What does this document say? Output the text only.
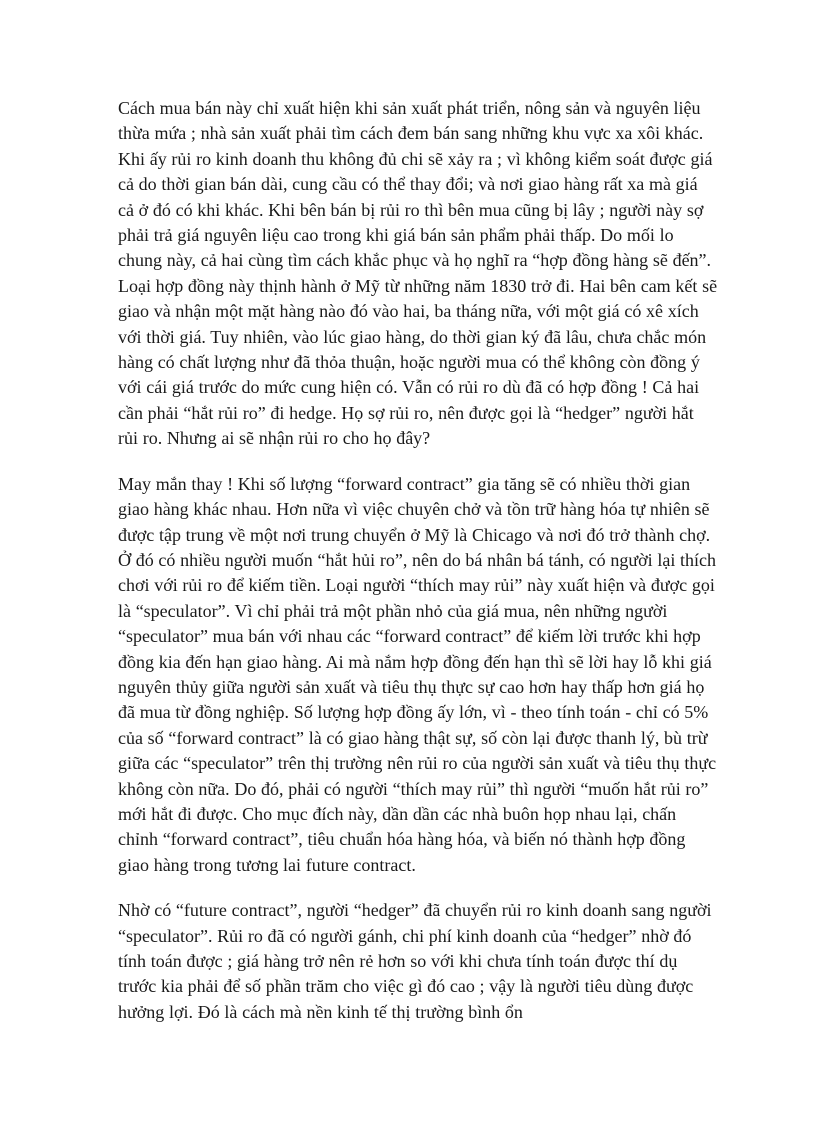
Cách mua bán này chỉ xuất hiện khi sản xuất phát triển, nông sản và nguyên liệu thừa mứa ; nhà sản xuất phải tìm cách đem bán sang những khu vực xa xôi khác. Khi ấy rủi ro kinh doanh thu không đủ chi sẽ xảy ra ; vì không kiểm soát được giá cả do thời gian bán dài, cung cầu có thể thay đổi; và nơi giao hàng rất xa mà giá cả ở đó có khi khác. Khi bên bán bị rủi ro thì bên mua cũng bị lây ; người này sợ phải trả giá nguyên liệu cao trong khi giá bán sản phẩm phải thấp. Do mối lo chung này, cả hai cùng tìm cách khắc phục và họ nghĩ ra “hợp đồng hàng sẽ đến”. Loại hợp đồng này thịnh hành ở Mỹ từ những năm 1830 trở đi. Hai bên cam kết sẽ giao và nhận một mặt hàng nào đó vào hai, ba tháng nữa, với một giá có xê xích với thời giá. Tuy nhiên, vào lúc giao hàng, do thời gian ký đã lâu, chưa chắc món hàng có chất lượng như đã thỏa thuận, hoặc người mua có thể không còn đồng ý với cái giá trước do mức cung hiện có. Vẫn có rủi ro dù đã có hợp đồng ! Cả hai cần phải “hắt rủi ro” đi hedge. Họ sợ rủi ro, nên được gọi là “hedger” người hắt rủi ro. Nhưng ai sẽ nhận rủi ro cho họ đây?

May mắn thay ! Khi số lượng “forward contract” gia tăng sẽ có nhiều thời gian giao hàng khác nhau. Hơn nữa vì việc chuyên chở và tồn trữ hàng hóa tự nhiên sẽ được tập trung về một nơi trung chuyển ở Mỹ là Chicago và nơi đó trở thành chợ. Ở đó có nhiều người muốn “hắt hủi ro”, nên do bá nhân bá tánh, có người lại thích chơi với rủi ro để kiếm tiền. Loại người “thích may rủi” này xuất hiện và được gọi là “speculator”. Vì chỉ phải trả một phần nhỏ của giá mua, nên những người “speculator” mua bán với nhau các “forward contract” để kiếm lời trước khi hợp đồng kia đến hạn giao hàng. Ai mà nắm hợp đồng đến hạn thì sẽ lời hay lỗ khi giá nguyên thủy giữa người sản xuất và tiêu thụ thực sự cao hơn hay thấp hơn giá họ đã mua từ đồng nghiệp. Số lượng hợp đồng ấy lớn, vì - theo tính toán - chỉ có 5% của số “forward contract” là có giao hàng thật sự, số còn lại được thanh lý, bù trừ giữa các “speculator” trên thị trường nên rủi ro của người sản xuất và tiêu thụ thực không còn nữa. Do đó, phải có người “thích may rủi” thì người “muốn hắt rủi ro” mới hắt đi được. Cho mục đích này, dần dần các nhà buôn họp nhau lại, chấn chỉnh “forward contract”, tiêu chuẩn hóa hàng hóa, và biến nó thành hợp đồng giao hàng trong tương lai future contract.

Nhờ có “future contract”, người “hedger” đã chuyển rủi ro kinh doanh sang người “speculator”. Rủi ro đã có người gánh, chi phí kinh doanh của “hedger” nhờ đó tính toán được ; giá hàng trở nên rẻ hơn so với khi chưa tính toán được thí dụ trước kia phải để số phần trăm cho việc gì đó cao ; vậy là người tiêu dùng được hưởng lợi. Đó là cách mà nền kinh tế thị trường bình ổn
